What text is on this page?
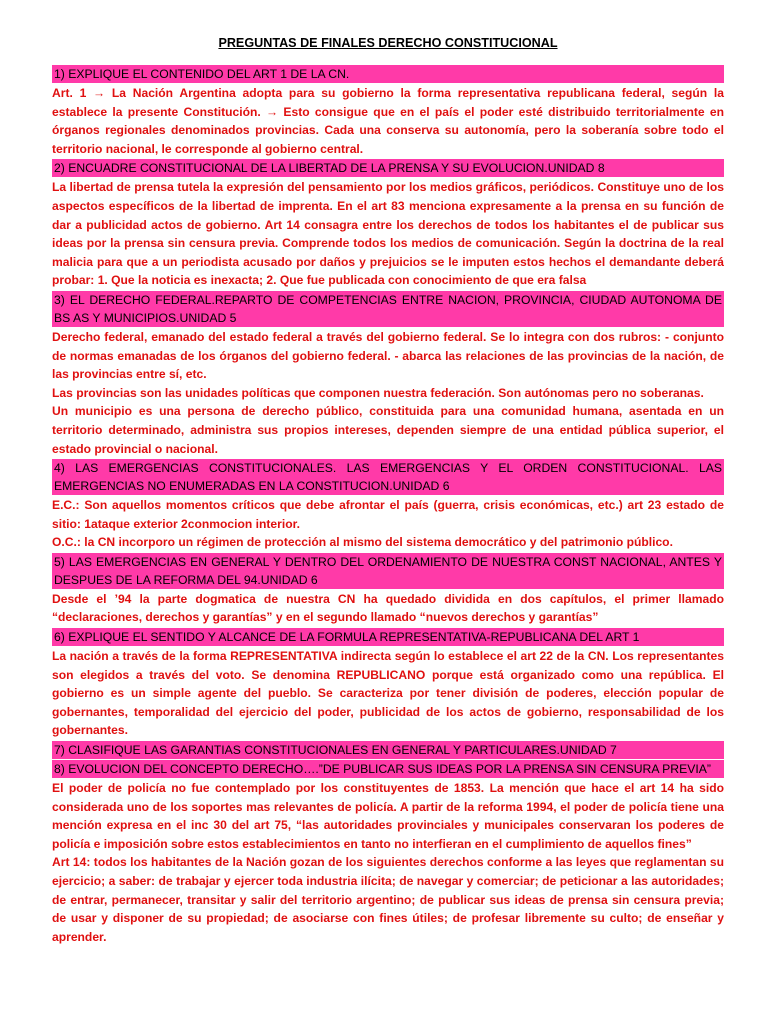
PREGUNTAS DE FINALES DERECHO CONSTITUCIONAL
1) EXPLIQUE EL CONTENIDO DEL ART 1 DE LA CN.
Art. 1 → La Nación Argentina adopta para su gobierno la forma representativa republicana federal, según la establece la presente Constitución. → Esto consigue que en el país el poder esté distribuido territorialmente en órganos regionales denominados provincias. Cada una conserva su autonomía, pero la soberanía sobre todo el territorio nacional, le corresponde al gobierno central.
2) ENCUADRE CONSTITUCIONAL DE LA LIBERTAD DE LA PRENSA Y SU EVOLUCION.UNIDAD 8
La libertad de prensa tutela la expresión del pensamiento por los medios gráficos, periódicos. Constituye uno de los aspectos específicos de la libertad de imprenta. En el art 83 menciona expresamente a la prensa en su función de dar a publicidad actos de gobierno. Art 14 consagra entre los derechos de todos los habitantes el de publicar sus ideas por la prensa sin censura previa. Comprende todos los medios de comunicación. Según la doctrina de la real malicia para que a un periodista acusado por daños y prejuicios se le imputen estos hechos el demandante deberá probar: 1. Que la noticia es inexacta; 2. Que fue publicada con conocimiento de que era falsa
3) EL DERECHO FEDERAL.REPARTO DE COMPETENCIAS ENTRE NACION, PROVINCIA, CIUDAD AUTONOMA DE BS AS Y MUNICIPIOS.UNIDAD 5
Derecho federal, emanado del estado federal a través del gobierno federal. Se lo integra con dos rubros: - conjunto de normas emanadas de los órganos del gobierno federal. - abarca las relaciones de las provincias de la nación, de las provincias entre sí, etc.
Las provincias son las unidades políticas que componen nuestra federación. Son autónomas pero no soberanas.
Un municipio es una persona de derecho público, constituida para una comunidad humana, asentada en un territorio determinado, administra sus propios intereses, dependen siempre de una entidad pública superior, el estado provincial o nacional.
4) LAS EMERGENCIAS CONSTITUCIONALES. LAS EMERGENCIAS Y EL ORDEN CONSTITUCIONAL. LAS EMERGENCIAS NO ENUMERADAS EN LA CONSTITUCION.UNIDAD 6
E.C.: Son aquellos momentos críticos que debe afrontar el país (guerra, crisis económicas, etc.) art 23 estado de sitio: 1ataque exterior 2conmocion interior.
O.C.: la CN incorporo un régimen de protección al mismo del sistema democrático y del patrimonio público.
5) LAS EMERGENCIAS EN GENERAL Y DENTRO DEL ORDENAMIENTO DE NUESTRA CONST NACIONAL, ANTES Y DESPUES DE LA REFORMA DEL 94.UNIDAD 6
Desde el ’94 la parte dogmatica de nuestra CN ha quedado dividida en dos capítulos, el primer llamado “declaraciones, derechos y garantías” y en el segundo llamado “nuevos derechos y garantías”
6) EXPLIQUE EL SENTIDO Y ALCANCE DE LA FORMULA REPRESENTATIVA-REPUBLICANA DEL ART 1
La nación a través de la forma REPRESENTATIVA indirecta según lo establece el art 22 de la CN. Los representantes son elegidos a través del voto. Se denomina REPUBLICANO porque está organizado como una república. El gobierno es un simple agente del pueblo. Se caracteriza por tener división de poderes, elección popular de gobernantes, temporalidad del ejercicio del poder, publicidad de los actos de gobierno, responsabilidad de los gobernantes.
7) CLASIFIQUE LAS GARANTIAS CONSTITUCIONALES EN GENERAL Y PARTICULARES.UNIDAD 7
8) EVOLUCION DEL CONCEPTO DERECHO….”DE PUBLICAR SUS IDEAS POR LA PRENSA SIN CENSURA PREVIA”
El poder de policía no fue contemplado por los constituyentes de 1853. La mención que hace el art 14 ha sido considerada uno de los soportes mas relevantes de policía. A partir de la reforma 1994, el poder de policía tiene una mención expresa en el inc 30 del art 75, “las autoridades provinciales y municipales conservaran los poderes de policía e imposición sobre estos establecimientos en tanto no interfieran en el cumplimiento de aquellos fines”
Art 14: todos los habitantes de la Nación gozan de los siguientes derechos conforme a las leyes que reglamentan su ejercicio; a saber: de trabajar y ejercer toda industria ilícita; de navegar y comerciar; de peticionar a las autoridades; de entrar, permanecer, transitar y salir del territorio argentino; de publicar sus ideas de prensa sin censura previa; de usar y disponer de su propiedad; de asociarse con fines útiles; de profesar libremente su culto; de enseñar y aprender.
